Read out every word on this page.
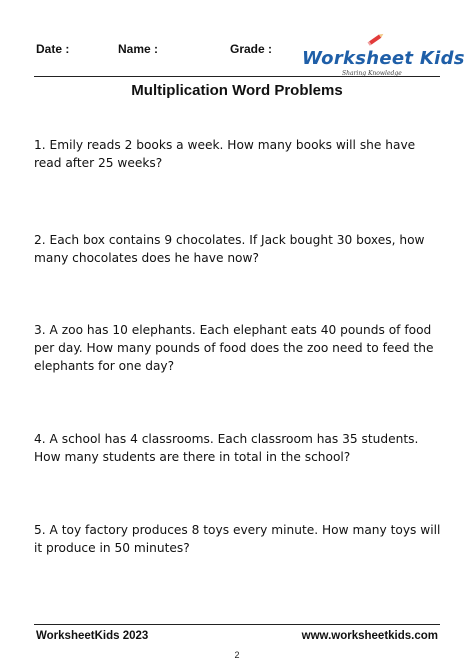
Date :	Name :	Grade : Worksheet Kids
Sharing Knowledge
Multiplication Word Problems
1. Emily reads 2 books a week. How many books will she have read after 25 weeks?
2. Each box contains 9 chocolates. If Jack bought 30 boxes, how many chocolates does he have now?
3. A zoo has 10 elephants. Each elephant eats 40 pounds of food per day. How many pounds of food does the zoo need to feed the elephants for one day?
4. A school has 4 classrooms. Each classroom has 35 students. How many students are there in total in the school?
5. A toy factory produces 8 toys every minute. How many toys will it produce in 50 minutes?
WorksheetKids 2023	www.worksheetkids.com
2
